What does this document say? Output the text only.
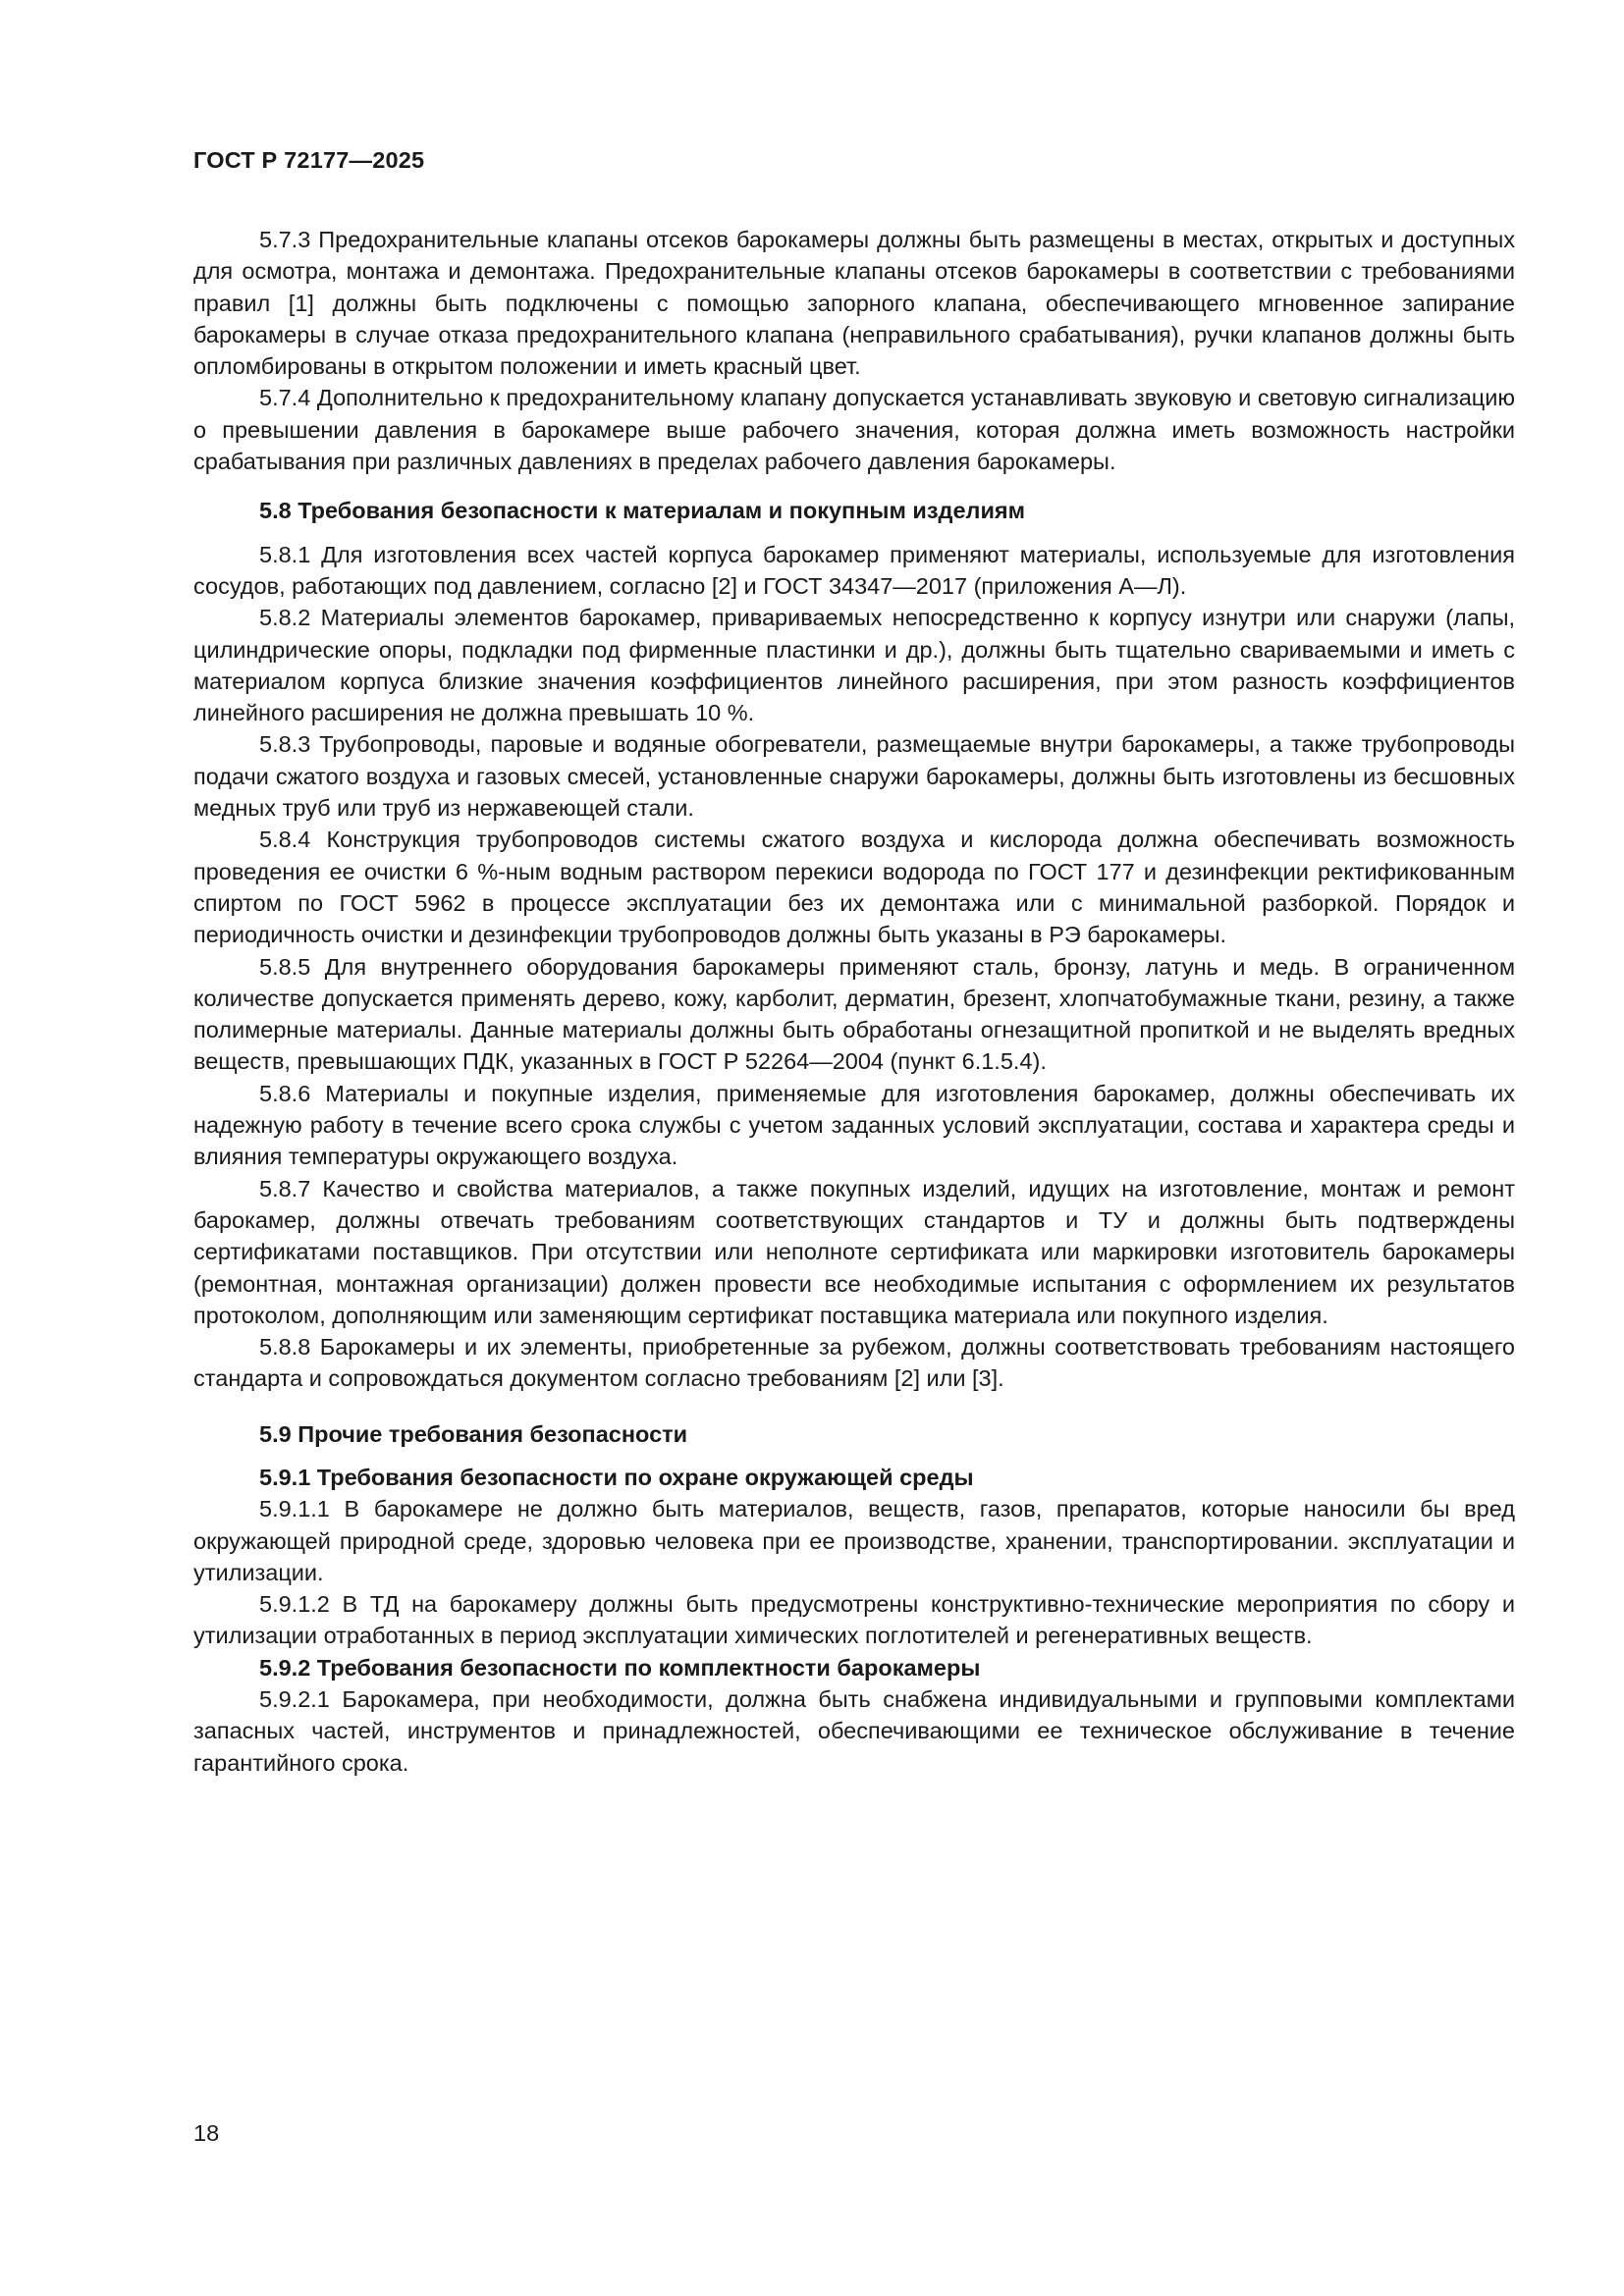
ГОСТ Р 72177—2025

5.7.3 Предохранительные клапаны отсеков барокамеры должны быть размещены в местах, открытых и доступных для осмотра, монтажа и демонтажа. Предохранительные клапаны отсеков барокамеры в соответствии с требованиями правил [1] должны быть подключены с помощью запорного клапана, обеспечивающего мгновенное запирание барокамеры в случае отказа предохранительного клапана (неправильного срабатывания), ручки клапанов должны быть опломбированы в открытом положении и иметь красный цвет.

5.7.4 Дополнительно к предохранительному клапану допускается устанавливать звуковую и световую сигнализацию о превышении давления в барокамере выше рабочего значения, которая должна иметь возможность настройки срабатывания при различных давлениях в пределах рабочего давления барокамеры.

5.8 Требования безопасности к материалам и покупным изделиям

5.8.1 Для изготовления всех частей корпуса барокамер применяют материалы, используемые для изготовления сосудов, работающих под давлением, согласно [2] и ГОСТ 34347—2017 (приложения А—Л).

5.8.2 Материалы элементов барокамер, привариваемых непосредственно к корпусу изнутри или снаружи (лапы, цилиндрические опоры, подкладки под фирменные пластинки и др.), должны быть тщательно свариваемыми и иметь с материалом корпуса близкие значения коэффициентов линейного расширения, при этом разность коэффициентов линейного расширения не должна превышать 10 %.

5.8.3 Трубопроводы, паровые и водяные обогреватели, размещаемые внутри барокамеры, а также трубопроводы подачи сжатого воздуха и газовых смесей, установленные снаружи барокамеры, должны быть изготовлены из бесшовных медных труб или труб из нержавеющей стали.

5.8.4 Конструкция трубопроводов системы сжатого воздуха и кислорода должна обеспечивать возможность проведения ее очистки 6 %-ным водным раствором перекиси водорода по ГОСТ 177 и дезинфекции ректификованным спиртом по ГОСТ 5962 в процессе эксплуатации без их демонтажа или с минимальной разборкой. Порядок и периодичность очистки и дезинфекции трубопроводов должны быть указаны в РЭ барокамеры.

5.8.5 Для внутреннего оборудования барокамеры применяют сталь, бронзу, латунь и медь. В ограниченном количестве допускается применять дерево, кожу, карболит, дерматин, брезент, хлопчатобумажные ткани, резину, а также полимерные материалы. Данные материалы должны быть обработаны огнезащитной пропиткой и не выделять вредных веществ, превышающих ПДК, указанных в ГОСТ Р 52264—2004 (пункт 6.1.5.4).

5.8.6 Материалы и покупные изделия, применяемые для изготовления барокамер, должны обеспечивать их надежную работу в течение всего срока службы с учетом заданных условий эксплуатации, состава и характера среды и влияния температуры окружающего воздуха.

5.8.7 Качество и свойства материалов, а также покупных изделий, идущих на изготовление, монтаж и ремонт барокамер, должны отвечать требованиям соответствующих стандартов и ТУ и должны быть подтверждены сертификатами поставщиков. При отсутствии или неполноте сертификата или маркировки изготовитель барокамеры (ремонтная, монтажная организации) должен провести все необходимые испытания с оформлением их результатов протоколом, дополняющим или заменяющим сертификат поставщика материала или покупного изделия.

5.8.8 Барокамеры и их элементы, приобретенные за рубежом, должны соответствовать требованиям настоящего стандарта и сопровождаться документом согласно требованиям [2] или [3].

5.9 Прочие требования безопасности
5.9.1 Требования безопасности по охране окружающей среды

5.9.1.1 В барокамере не должно быть материалов, веществ, газов, препаратов, которые наносили бы вред окружающей природной среде, здоровью человека при ее производстве, хранении, транспортировании. эксплуатации и утилизации.

5.9.1.2 В ТД на барокамеру должны быть предусмотрены конструктивно-технические мероприятия по сбору и утилизации отработанных в период эксплуатации химических поглотителей и регенеративных веществ.

5.9.2 Требования безопасности по комплектности барокамеры

5.9.2.1 Барокамера, при необходимости, должна быть снабжена индивидуальными и групповыми комплектами запасных частей, инструментов и принадлежностей, обеспечивающими ее техническое обслуживание в течение гарантийного срока.

18
